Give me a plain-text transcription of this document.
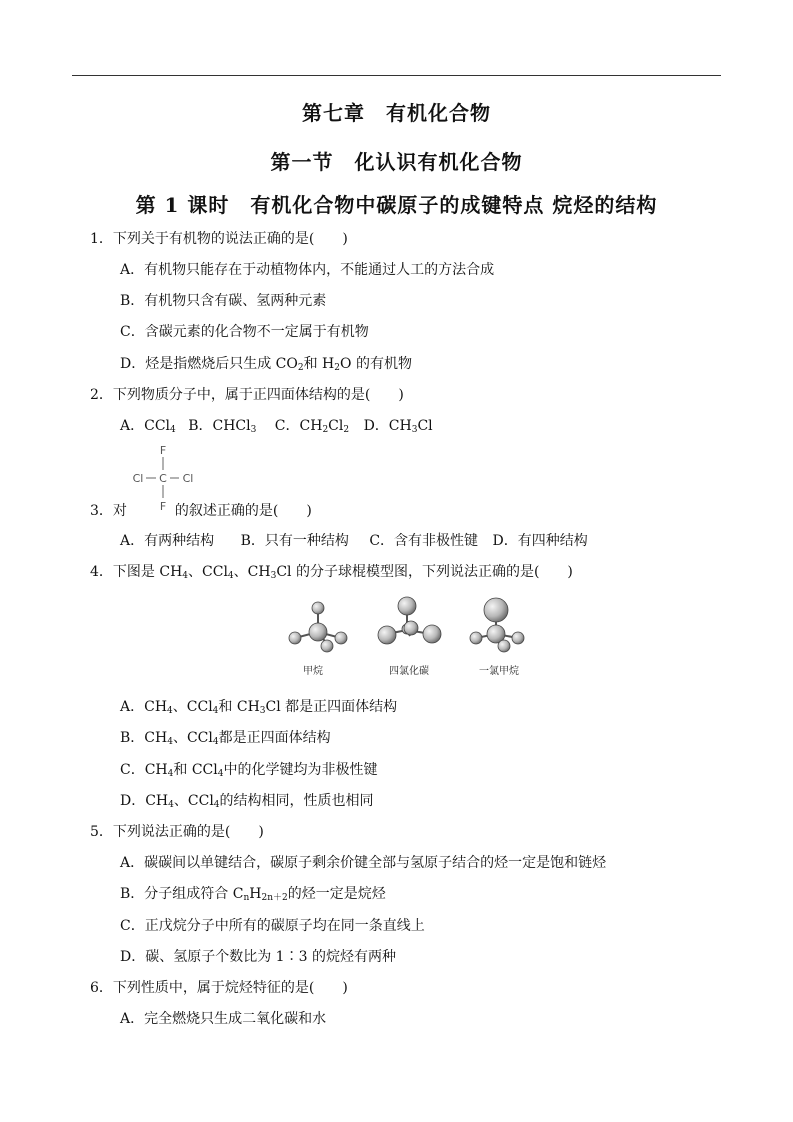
第七章　有机化合物
第一节　化认识有机化合物
第 1 课时　有机化合物中碳原子的成键特点 烷烃的结构
1．下列关于有机物的说法正确的是(　　)
A．有机物只能存在于动植物体内，不能通过人工的方法合成
B．有机物只含有碳、氢两种元素
C．含碳元素的化合物不一定属于有机物
D．烃是指燃烧后只生成 $CO_2$和 $H_2O$ 的有机物
2．下列物质分子中，属于正四面体结构的是(　　)
A．CCl$_4$ B．CHCl$_3$ C．$CH_2Cl_2$ D．$CH_3Cl$
F
Cl C Cl
F
3．对	的叙述正确的是(　　)
A．有两种结构 B．只有一种结构 C．含有非极性键 D．有四种结构
4．下图是 $CH_4$、CCl$_4$、$CH_3Cl$ 的分子球棍模型图，下列说法正确的是(　　)
甲烷	四氯化碳	一氯甲烷
A．$CH_4$、CCl$_4$和 $CH_3Cl$ 都是正四面体结构
B．$CH_4$、CCl$_4$都是正四面体结构
C．$CH_4$和 CCl$_4$中的化学键均为非极性键
D．$CH_4$、CCl$_4$的结构相同，性质也相同
5．下列说法正确的是(　　)
A．碳碳间以单键结合，碳原子剩余价键全部与氢原子结合的烃一定是饱和链烃
B．分子组成符合 $C_nH_{2n+2}$的烃一定是烷烃
C．正戊烷分子中所有的碳原子均在同一条直线上
D．碳、氢原子个数比为 1∶3 的烷烃有两种
6．下列性质中，属于烷烃特征的是(　　)
A．完全燃烧只生成二氧化碳和水
